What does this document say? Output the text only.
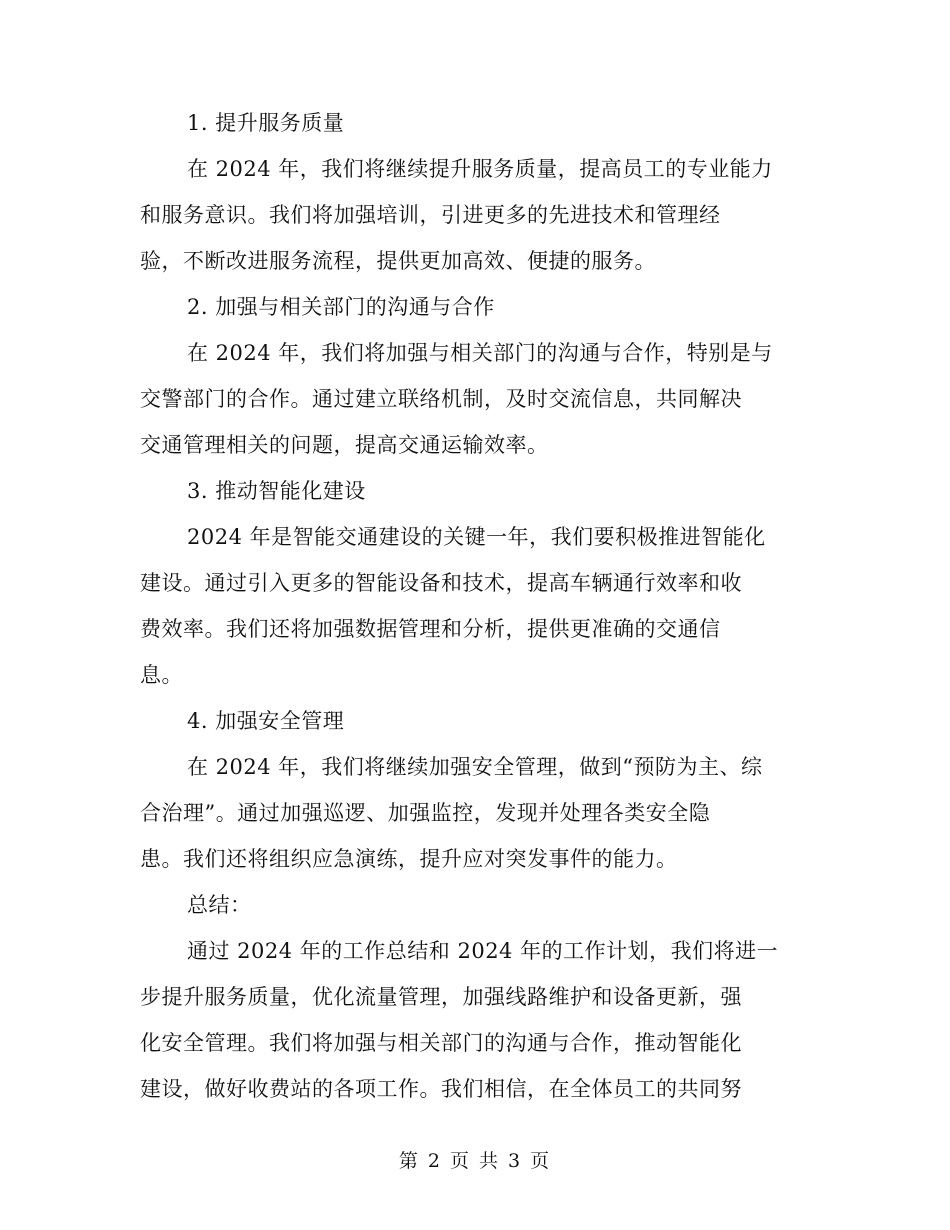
1. 提升服务质量
在 2024 年，我们将继续提升服务质量，提高员工的专业能力
和服务意识。我们将加强培训，引进更多的先进技术和管理经
验，不断改进服务流程，提供更加高效、便捷的服务。
2. 加强与相关部门的沟通与合作
在 2024 年，我们将加强与相关部门的沟通与合作，特别是与
交警部门的合作。通过建立联络机制，及时交流信息，共同解决
交通管理相关的问题，提高交通运输效率。
3. 推动智能化建设
2024 年是智能交通建设的关键一年，我们要积极推进智能化
建设。通过引入更多的智能设备和技术，提高车辆通行效率和收
费效率。我们还将加强数据管理和分析，提供更准确的交通信
息。
4. 加强安全管理
在 2024 年，我们将继续加强安全管理，做到“预防为主、综
合治理”。通过加强巡逻、加强监控，发现并处理各类安全隐
患。我们还将组织应急演练，提升应对突发事件的能力。
总结：
通过 2024 年的工作总结和 2024 年的工作计划，我们将进一
步提升服务质量，优化流量管理，加强线路维护和设备更新，强
化安全管理。我们将加强与相关部门的沟通与合作，推动智能化
建设，做好收费站的各项工作。我们相信，在全体员工的共同努
第 2 页 共 3 页
